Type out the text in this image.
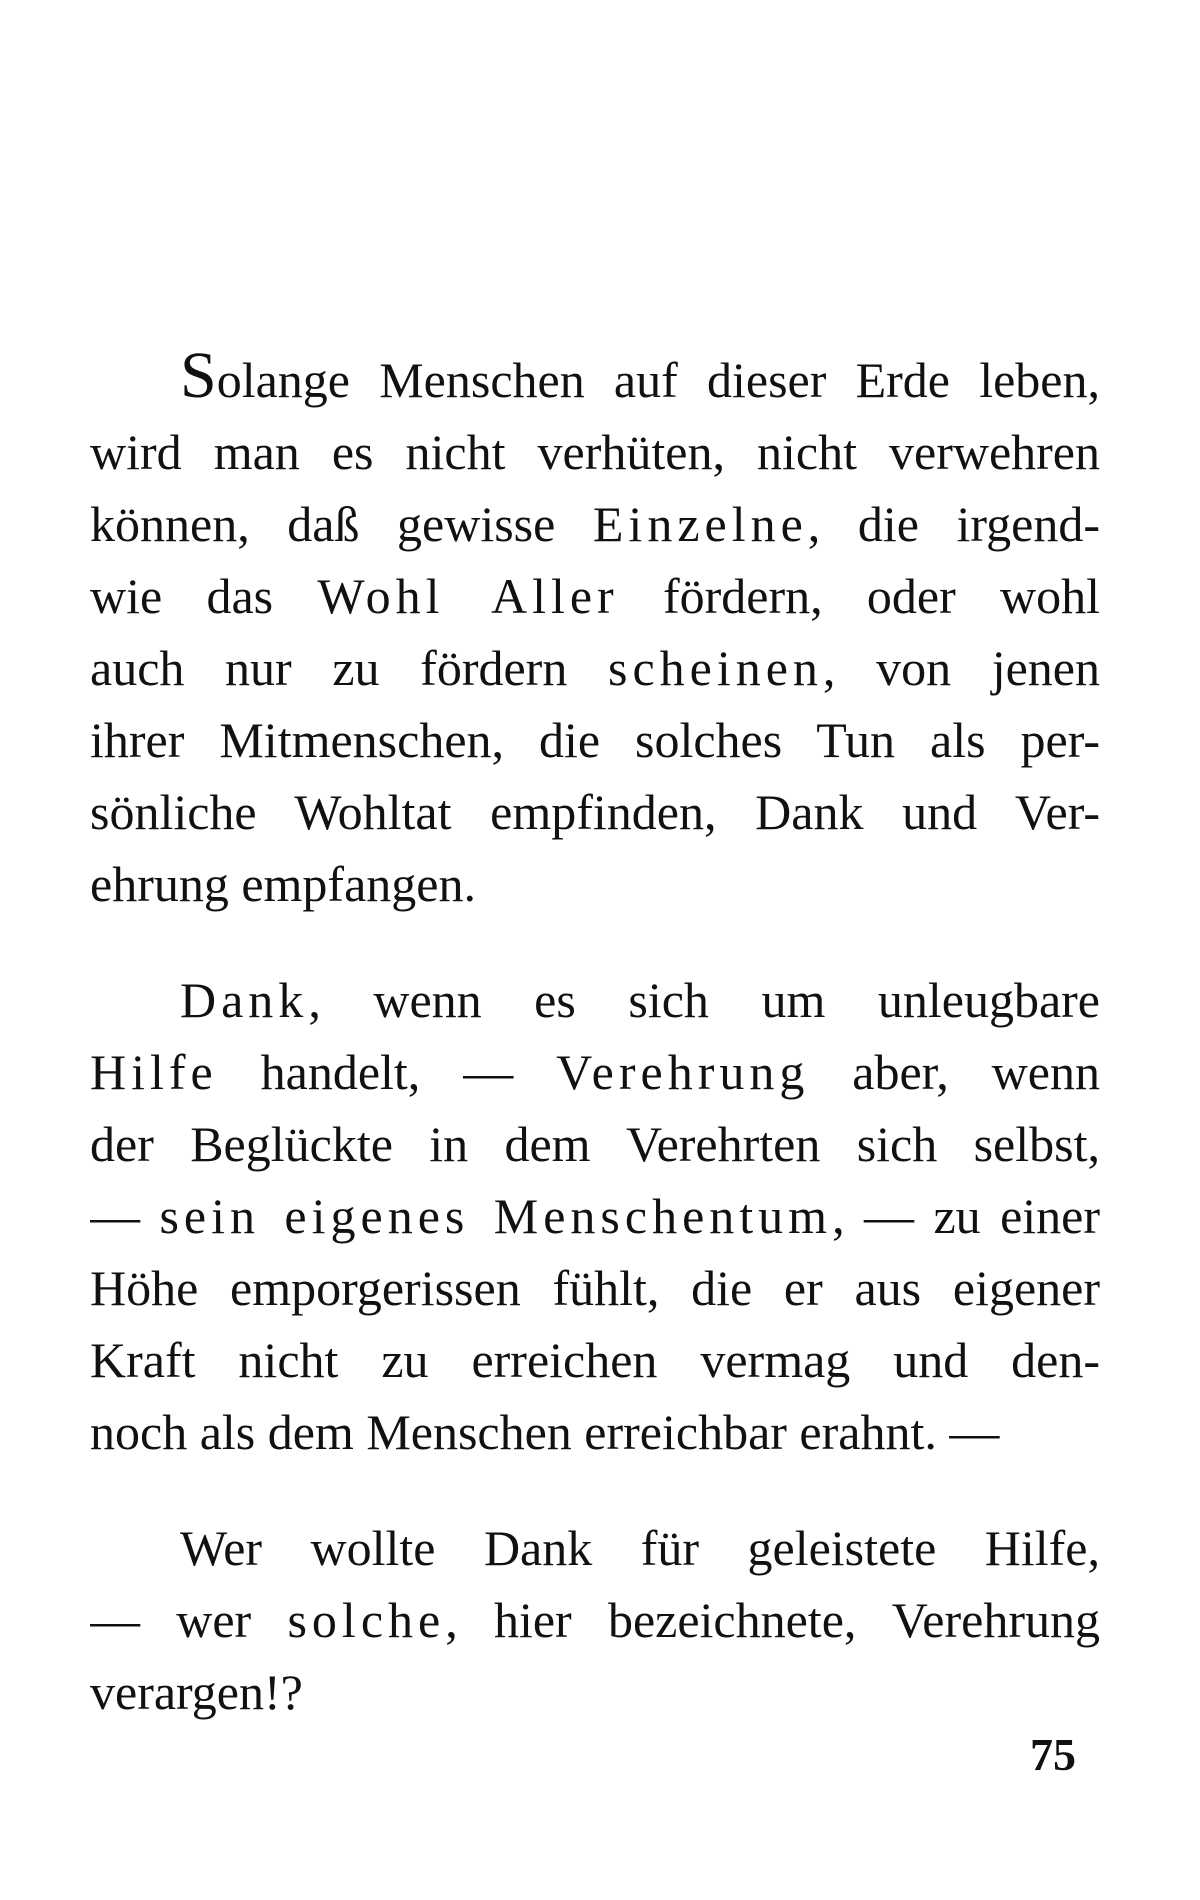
Solange Menschen auf dieser Erde leben,
wird man es nicht verhüten, nicht verwehren
können, daß gewisse Einzelne, die irgend-
wie das Wohl Aller fördern, oder wohl
auch nur zu fördern scheinen, von jenen
ihrer Mitmenschen, die solches Tun als per-
sönliche Wohltat empfinden, Dank und Ver-
ehrung empfangen.
Dank, wenn es sich um unleugbare
Hilfe handelt, — Verehrung aber, wenn
der Beglückte in dem Verehrten sich selbst,
— sein eigenes Menschentum, — zu einer
Höhe emporgerissen fühlt, die er aus eigener
Kraft nicht zu erreichen vermag und den-
noch als dem Menschen erreichbar erahnt. —
Wer wollte Dank für geleistete Hilfe,
— wer solche, hier bezeichnete, Verehrung
verargen!?
75
